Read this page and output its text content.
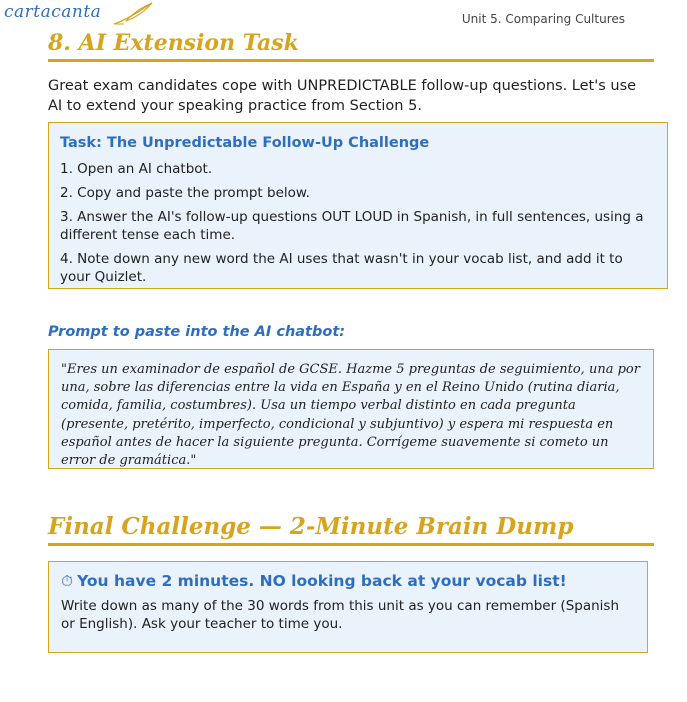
cartacanta	Unit 5. Comparing Cultures
8. AI Extension Task

Great exam candidates cope with UNPREDICTABLE follow-up questions. Let's use AI to extend your speaking practice from Section 5.

Task: The Unpredictable Follow-Up Challenge

1. Open an AI chatbot.

2. Copy and paste the prompt below.

3. Answer the AI's follow-up questions OUT LOUD in Spanish, in full sentences, using a different tense each time.

4. Note down any new word the AI uses that wasn't in your vocab list, and add it to your Quizlet.

Prompt to paste into the AI chatbot:

"Eres un examinador de español de GCSE. Hazme 5 preguntas de seguimiento, una por una, sobre las diferencias entre la vida en España y en el Reino Unido (rutina diaria, comida, familia, costumbres). Usa un tiempo verbal distinto en cada pregunta (presente, pretérito, imperfecto, condicional y subjuntivo) y espera mi respuesta en español antes de hacer la siguiente pregunta. Corrígeme suavemente si cometo un error de gramática."

Final Challenge — 2-Minute Brain Dump

⏱ You have 2 minutes. NO looking back at your vocab list!

Write down as many of the 30 words from this unit as you can remember (Spanish or English). Ask your teacher to time you.
